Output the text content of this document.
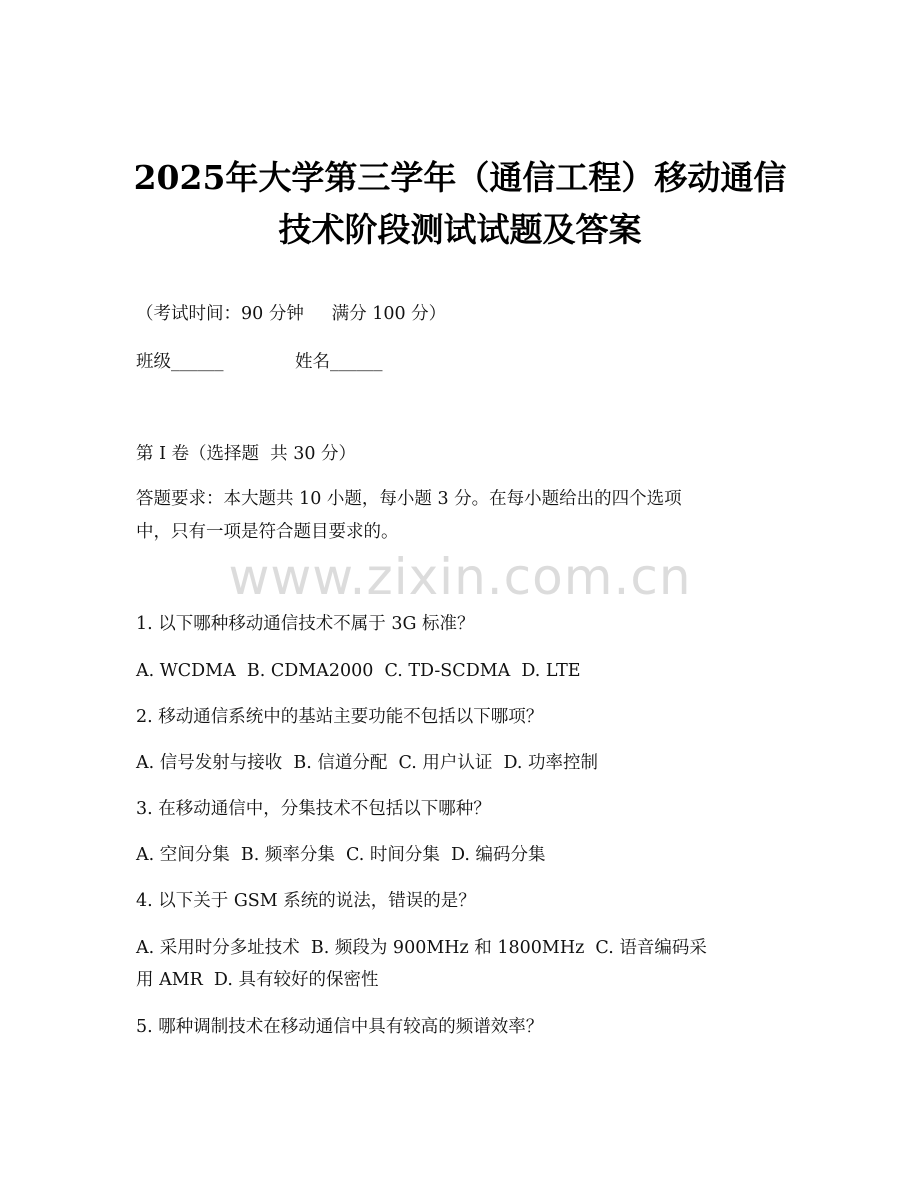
2025年大学第三学年（通信工程）移动通信
技术阶段测试试题及答案
（考试时间：90 分钟     满分 100 分）
班级______	姓名______
第 I 卷（选择题  共 30 分）
答题要求：本大题共 10 小题，每小题 3 分。在每小题给出的四个选项
中，只有一项是符合题目要求的。
www.zixin.com.cn
1. 以下哪种移动通信技术不属于 3G 标准？
A. WCDMA  B. CDMA2000  C. TD-SCDMA  D. LTE
2. 移动通信系统中的基站主要功能不包括以下哪项？
A. 信号发射与接收  B. 信道分配  C. 用户认证  D. 功率控制
3. 在移动通信中，分集技术不包括以下哪种？
A. 空间分集  B. 频率分集  C. 时间分集  D. 编码分集
4. 以下关于 GSM 系统的说法，错误的是？
A. 采用时分多址技术  B. 频段为 900MHz 和 1800MHz  C. 语音编码采
用 AMR  D. 具有较好的保密性
5. 哪种调制技术在移动通信中具有较高的频谱效率？
